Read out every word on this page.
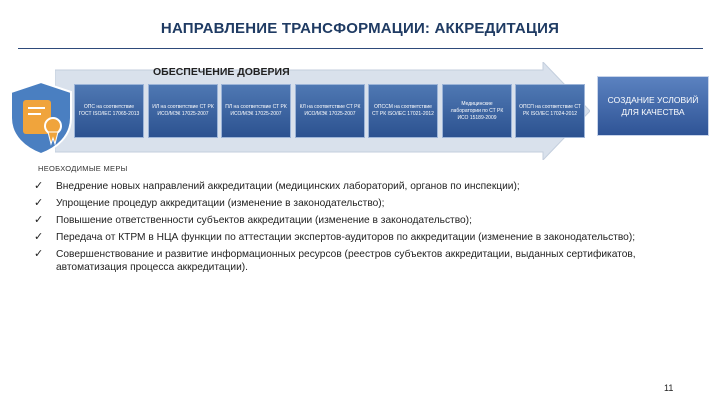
НАПРАВЛЕНИЕ ТРАНСФОРМАЦИИ: АККРЕДИТАЦИЯ
ОБЕСПЕЧЕНИЕ ДОВЕРИЯ
ОПС на соответствие ГОСТ ISO/IEC 17065-2013
ИЛ на соответствие СТ РК ИСО/МЭК 17025-2007
ПЛ на соответствие СТ РК ИСО/МЭК 17025-2007
КЛ на соответствие СТ РК ИСО/МЭК 17025-2007
ОПССМ на соответствие СТ РК ISO/IEC 17021-2012
Медицинские лаборатории по СТ РК ИСО 15189-2009
ОПСП на соответствие СТ РК ISO/IEC 17024-2012
СОЗДАНИЕ УСЛОВИЙ ДЛЯ КАЧЕСТВА
НЕОБХОДИМЫЕ МЕРЫ
✓ Внедрение новых направлений аккредитации (медицинских лабораторий, органов по инспекции);
✓ Упрощение процедур аккредитации (изменение в законодательство);
✓ Повышение ответственности субъектов аккредитации (изменение в законодательство);
✓ Передача от КТРМ в НЦА функции по аттестации экспертов-аудиторов по аккредитации (изменение в законодательство);
✓ Совершенствование и развитие информационных ресурсов (реестров субъектов аккредитации, выданных сертификатов, автоматизация процесса аккредитации).
11
